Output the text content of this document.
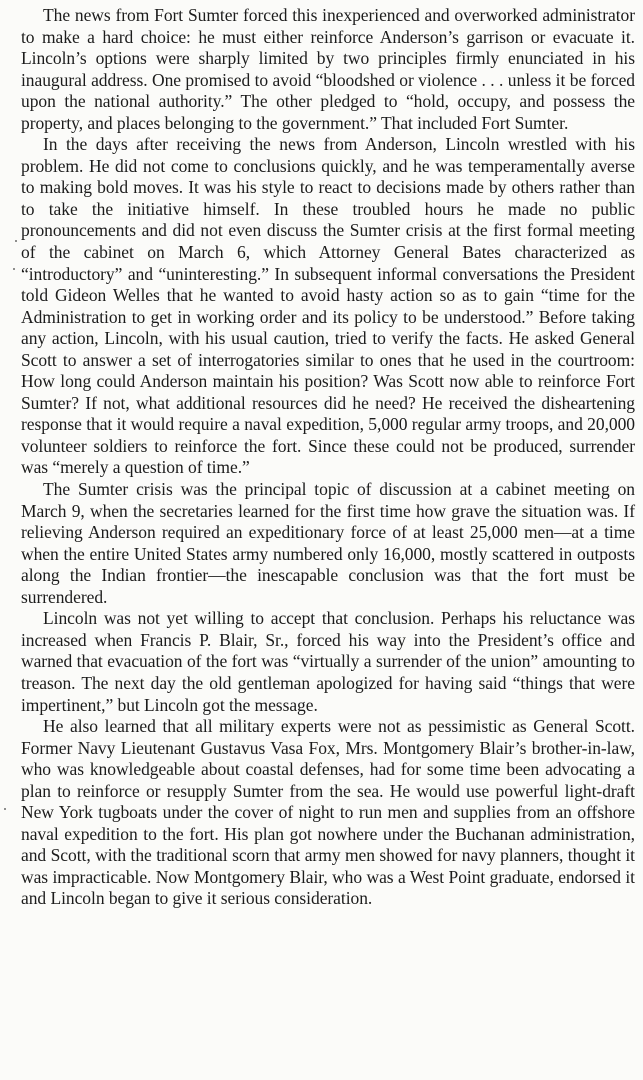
The news from Fort Sumter forced this inexperienced and overworked administrator to make a hard choice: he must either reinforce Anderson’s garrison or evacuate it. Lincoln’s options were sharply limited by two principles firmly enunciated in his inaugural address. One promised to avoid “bloodshed or violence . . . unless it be forced upon the national authority.” The other pledged to “hold, occupy, and possess the property, and places belonging to the government.” That included Fort Sumter.

In the days after receiving the news from Anderson, Lincoln wrestled with his problem. He did not come to conclusions quickly, and he was temperamentally averse to making bold moves. It was his style to react to decisions made by others rather than to take the initiative himself. In these troubled hours he made no public pronouncements and did not even discuss the Sumter crisis at the first formal meeting of the cabinet on March 6, which Attorney General Bates characterized as “introductory” and “uninteresting.” In subsequent informal conversations the President told Gideon Welles that he wanted to avoid hasty action so as to gain “time for the Administration to get in working order and its policy to be understood.” Before taking any action, Lincoln, with his usual caution, tried to verify the facts. He asked General Scott to answer a set of interrogatories similar to ones that he used in the courtroom: How long could Anderson maintain his position? Was Scott now able to reinforce Fort Sumter? If not, what additional resources did he need? He received the disheartening response that it would require a naval expedition, 5,000 regular army troops, and 20,000 volunteer soldiers to reinforce the fort. Since these could not be produced, surrender was “merely a question of time.”

The Sumter crisis was the principal topic of discussion at a cabinet meeting on March 9, when the secretaries learned for the first time how grave the situation was. If relieving Anderson required an expeditionary force of at least 25,000 men—at a time when the entire United States army numbered only 16,000, mostly scattered in outposts along the Indian frontier—the inescapable conclusion was that the fort must be surrendered.

Lincoln was not yet willing to accept that conclusion. Perhaps his reluctance was increased when Francis P. Blair, Sr., forced his way into the President’s office and warned that evacuation of the fort was “virtually a surrender of the union” amounting to treason. The next day the old gentleman apologized for having said “things that were impertinent,” but Lincoln got the message.

He also learned that all military experts were not as pessimistic as General Scott. Former Navy Lieutenant Gustavus Vasa Fox, Mrs. Montgomery Blair’s brother-in-law, who was knowledgeable about coastal defenses, had for some time been advocating a plan to reinforce or resupply Sumter from the sea. He would use powerful light-draft New York tugboats under the cover of night to run men and supplies from an offshore naval expedition to the fort. His plan got nowhere under the Buchanan administration, and Scott, with the traditional scorn that army men showed for navy planners, thought it was impracticable. Now Montgomery Blair, who was a West Point graduate, endorsed it and Lincoln began to give it serious consideration.
